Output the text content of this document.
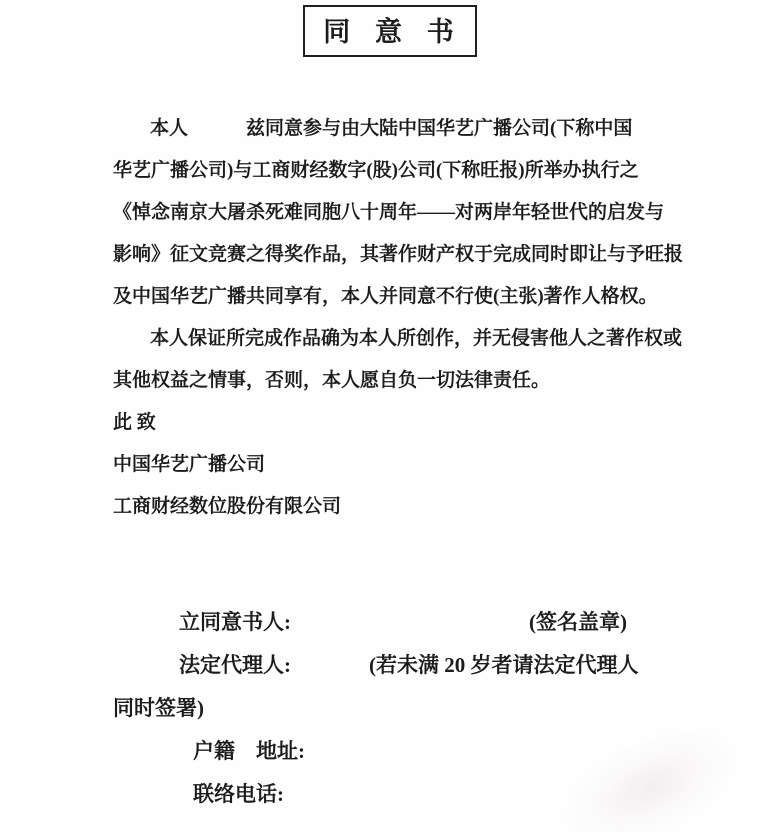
同 意 书
本人	兹同意参与由大陆中国华艺广播公司(下称中国
华艺广播公司)与工商财经数字(股)公司(下称旺报)所举办执行之
《悼念南京大屠杀死难同胞八十周年——对两岸年轻世代的启发与
影响》征文竞赛之得奖作品，其著作财产权于完成同时即让与予旺报
及中国华艺广播共同享有，本人并同意不行使(主张)著作人格权。
本人保证所完成作品确为本人所创作，并无侵害他人之著作权或
其他权益之情事，否则，本人愿自负一切法律责任。
此 致
中国华艺广播公司
工商财经数位股份有限公司
立同意书人:	(签名盖章)
法定代理人:	(若未满 20 岁者请法定代理人
同时签署)
户籍　地址:
联络电话:
